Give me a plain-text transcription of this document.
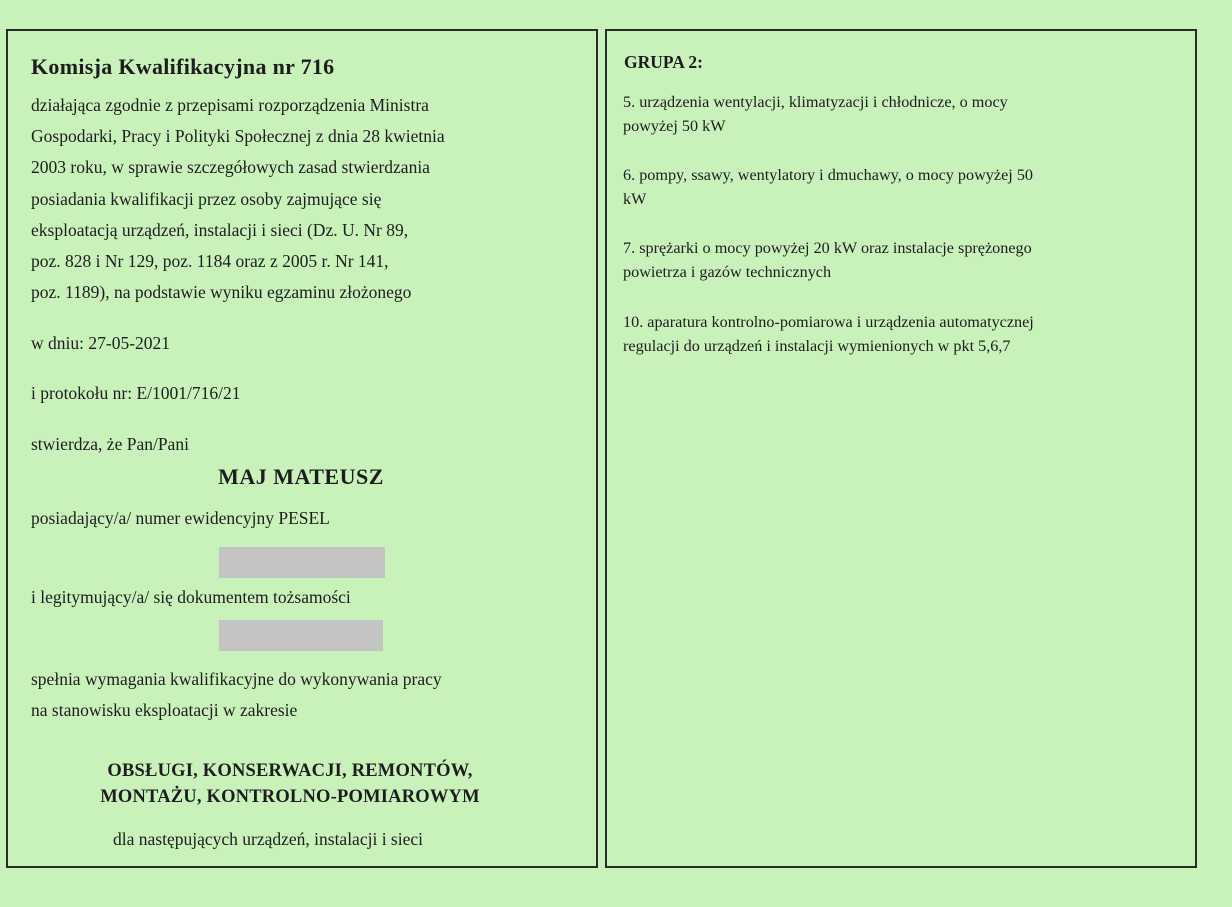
Komisja Kwalifikacyjna nr 716
działająca zgodnie z przepisami rozporządzenia Ministra
Gospodarki, Pracy i Polityki Społecznej z dnia 28 kwietnia
2003 roku, w sprawie szczegółowych zasad stwierdzania
posiadania kwalifikacji przez osoby zajmujące się
eksploatacją urządzeń, instalacji i sieci (Dz. U. Nr 89,
poz. 828 i Nr 129, poz. 1184 oraz z 2005 r. Nr 141,
poz. 1189), na podstawie wyniku egzaminu złożonego
w dniu: 27-05-2021
i protokołu nr: E/1001/716/21
stwierdza, że Pan/Pani
MAJ MATEUSZ
posiadający/a/ numer ewidencyjny PESEL
i legitymujący/a/ się dokumentem tożsamości
spełnia wymagania kwalifikacyjne do wykonywania pracy
na stanowisku eksploatacji w zakresie
OBSŁUGI, KONSERWACJI, REMONTÓW,
MONTAŻU, KONTROLNO-POMIAROWYM
dla następujących urządzeń, instalacji i sieci
GRUPA 2:
5. urządzenia wentylacji, klimatyzacji i chłodnicze, o mocy
powyżej 50 kW
6. pompy, ssawy, wentylatory i dmuchawy, o mocy powyżej 50
kW
7. sprężarki o mocy powyżej 20 kW oraz instalacje sprężonego
powietrza i gazów technicznych
10. aparatura kontrolno-pomiarowa i urządzenia automatycznej
regulacji do urządzeń i instalacji wymienionych w pkt 5,6,7
